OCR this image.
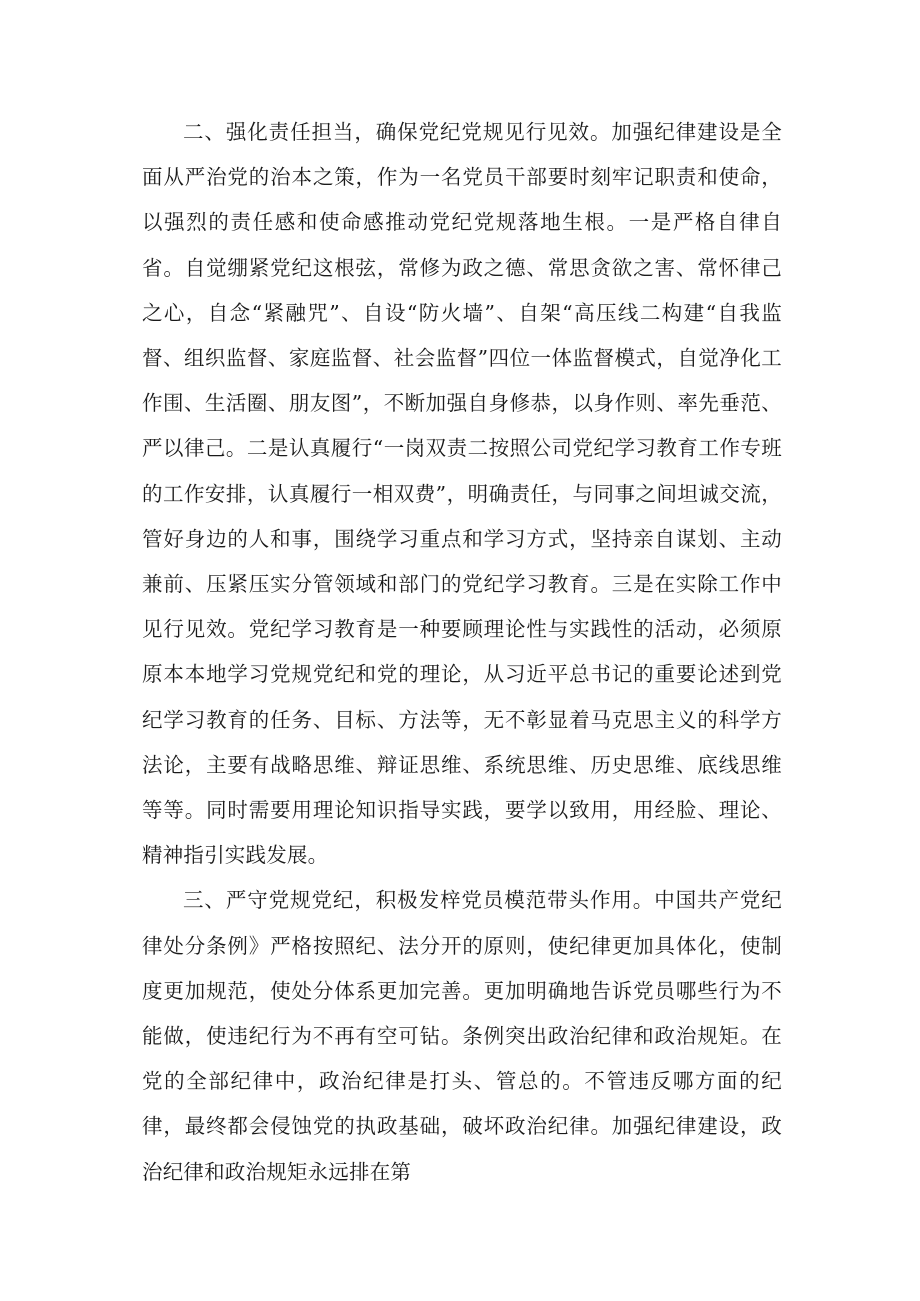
二、强化责任担当，确保党纪党规见行见效。加强纪律建设是全面从严治党的治本之策，作为一名党员干部要时刻牢记职责和使命，以强烈的责任感和使命感推动党纪党规落地生根。一是严格自律自省。自觉绷紧党纪这根弦，常修为政之德、常思贪欲之害、常怀律己之心，自念“紧融咒”、自设“防火墙”、自架“高压线二构建“自我监督、组织监督、家庭监督、社会监督”四位一体监督模式，自觉净化工作围、生活圈、朋友图”，不断加强自身修恭，以身作则、率先垂范、严以律己。二是认真履行“一岗双责二按照公司党纪学习教育工作专班的工作安排，认真履行一相双费”，明确责任，与同事之间坦诚交流，管好身边的人和事，围绕学习重点和学习方式，坚持亲自谋划、主动兼前、压紧压实分管领域和部门的党纪学习教育。三是在实除工作中见行见效。党纪学习教育是一种要顾理论性与实践性的活动，必须原原本本地学习党规党纪和党的理论，从习近平总书记的重要论述到党纪学习教育的任务、目标、方法等，无不彰显着马克思主义的科学方法论，主要有战略思维、辩证思维、系统思维、历史思维、底线思维等等。同时需要用理论知识指导实践，要学以致用，用经脸、理论、精神指引实践发展。

三、严守党规党纪，积极发梓党员模范带头作用。中国共产党纪律处分条例》严格按照纪、法分开的原则，使纪律更加具体化，使制度更加规范，使处分体系更加完善。更加明确地告诉党员哪些行为不能做，使违纪行为不再有空可钻。条例突出政治纪律和政治规矩。在党的全部纪律中，政治纪律是打头、管总的。不管违反哪方面的纪律，最终都会侵蚀党的执政基础，破坏政治纪律。加强纪律建设，政治纪律和政治规矩永远排在第
